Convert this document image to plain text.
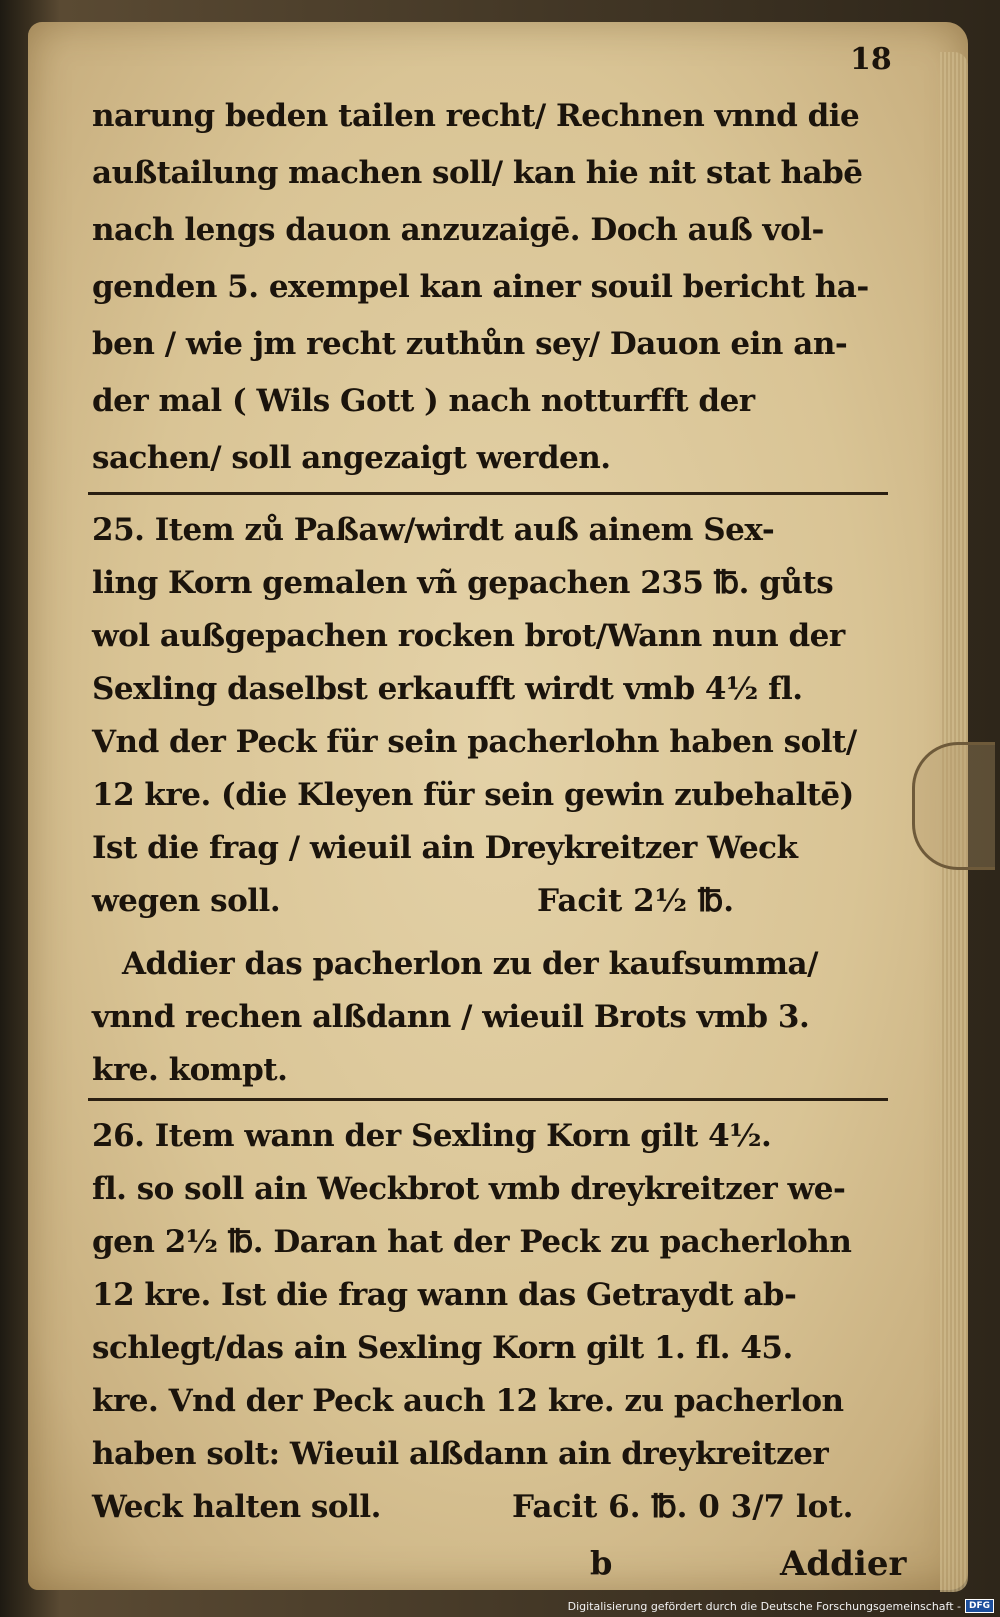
18
narung beden tailen recht/ Rechnen vnnd die
außtailung machen soll/ kan hie nit stat habē
nach lengs dauon anzuzaigē. Doch auß vol-
genden 5. exempel kan ainer souil bericht ha-
ben / wie jm recht zuthůn sey/ Dauon ein an-
der mal ( Wils Gott ) nach notturfft der
sachen/ soll angezaigt werden.
25. Item zů Paßaw/wirdt auß ainem Sex-
ling Korn gemalen vñ gepachen 235 ℔. gůts
wol außgepachen rocken brot/Wann nun der
Sexling daselbst erkaufft wirdt vmb 4½ fl.
Vnd der Peck für sein pacherlohn haben solt/
12 kre. (die Kleyen für sein gewin zubehaltē)
Ist die frag / wieuil ain Dreykreitzer Weck
wegen soll.	Facit 2½ ℔.
Addier das pacherlon zu der kaufsumma/
vnnd rechen alßdann / wieuil Brots vmb 3.
kre. kompt.
26. Item wann der Sexling Korn gilt 4½.
fl. so soll ain Weckbrot vmb dreykreitzer we-
gen 2½ ℔. Daran hat der Peck zu pacherlohn
12 kre. Ist die frag wann das Getraydt ab-
schlegt/das ain Sexling Korn gilt 1. fl. 45.
kre. Vnd der Peck auch 12 kre. zu pacherlon
haben solt: Wieuil alßdann ain dreykreitzer
Weck halten soll.	Facit 6. ℔. 0 3/7 lot.
b	Addier
Digitalisierung gefördert durch die Deutsche Forschungsgemeinschaft - DFG
